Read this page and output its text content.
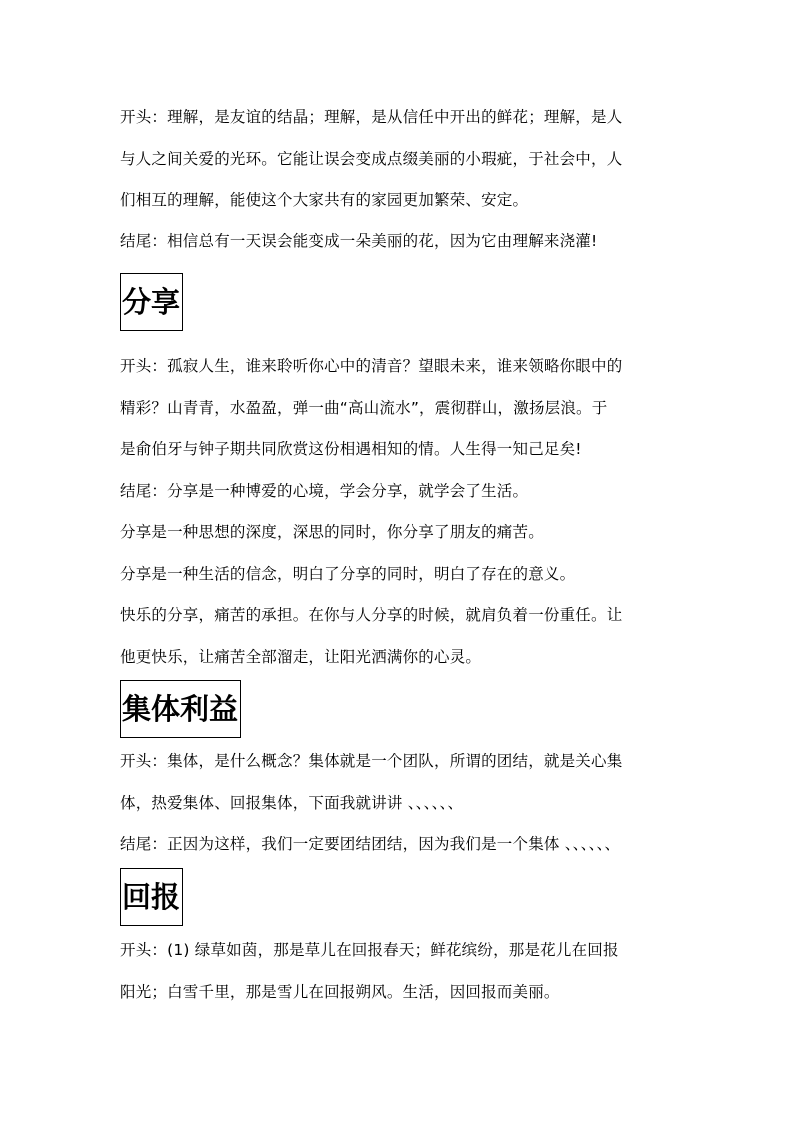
开头：理解，是友谊的结晶；理解，是从信任中开出的鲜花；理解，是人
与人之间关爱的光环。它能让误会变成点缀美丽的小瑕疵，于社会中，人
们相互的理解，能使这个大家共有的家园更加繁荣、安定。
结尾：相信总有一天误会能变成一朵美丽的花，因为它由理解来浇灌!
分享
开头：孤寂人生，谁来聆听你心中的清音？望眼未来，谁来领略你眼中的
精彩？山青青，水盈盈，弹一曲“高山流水”，震彻群山，激扬层浪。于
是俞伯牙与钟子期共同欣赏这份相遇相知的情。人生得一知己足矣!
结尾：分享是一种博爱的心境，学会分享，就学会了生活。
分享是一种思想的深度，深思的同时，你分享了朋友的痛苦。
分享是一种生活的信念，明白了分享的同时，明白了存在的意义。
快乐的分享，痛苦的承担。在你与人分享的时候，就肩负着一份重任。让
他更快乐，让痛苦全部溜走，让阳光洒满你的心灵。
集体利益
开头：集体，是什么概念？集体就是一个团队，所谓的团结，就是关心集
体，热爱集体、回报集体，下面我就讲讲 、、、、、、
结尾：正因为这样，我们一定要团结团结，因为我们是一个集体 、、、、、、
回报
开头：(1) 绿草如茵，那是草儿在回报春天；鲜花缤纷，那是花儿在回报
阳光；白雪千里，那是雪儿在回报朔风。生活，因回报而美丽。
